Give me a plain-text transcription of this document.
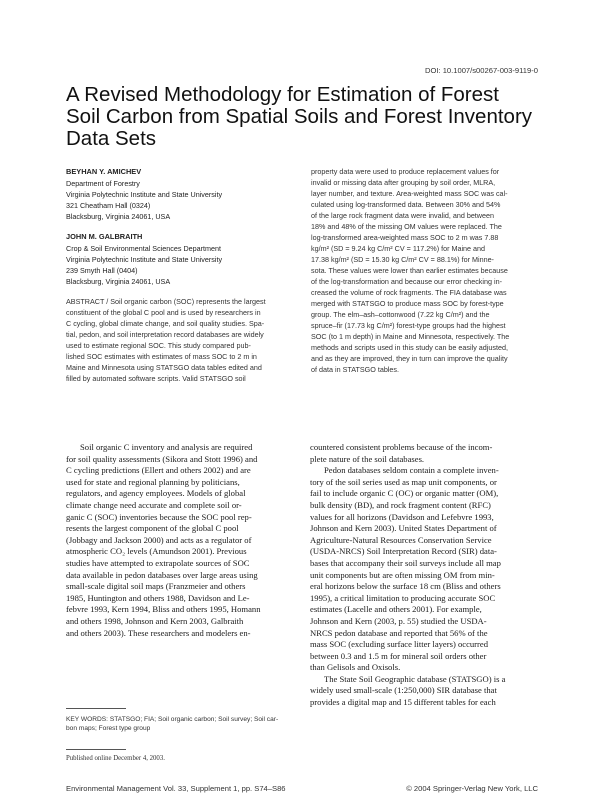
DOI: 10.1007/s00267-003-9119-0
A Revised Methodology for Estimation of Forest
Soil Carbon from Spatial Soils and Forest Inventory
Data Sets
BEYHAN Y. AMICHEV
Department of Forestry
Virginia Polytechnic Institute and State University
321 Cheatham Hall (0324)
Blacksburg, Virginia 24061, USA
JOHN M. GALBRAITH
Crop & Soil Environmental Sciences Department
Virginia Polytechnic Institute and State University
239 Smyth Hall (0404)
Blacksburg, Virginia 24061, USA
ABSTRACT / Soil organic carbon (SOC) represents the largest
constituent of the global C pool and is used by researchers in
C cycling, global climate change, and soil quality studies. Spa-
tial, pedon, and soil interpretation record databases are widely
used to estimate regional SOC. This study compared pub-
lished SOC estimates with estimates of mass SOC to 2 m in
Maine and Minnesota using STATSGO data tables edited and
filled by automated software scripts. Valid STATSGO soil
property data were used to produce replacement values for
invalid or missing data after grouping by soil order, MLRA,
layer number, and texture. Area-weighted mass SOC was cal-
culated using log-transformed data. Between 30% and 54%
of the large rock fragment data were invalid, and between
18% and 48% of the missing OM values were replaced. The
log-transformed area-weighted mass SOC to 2 m was 7.88
kg/m² (SD = 9.24 kg C/m² CV = 117.2%) for Maine and
17.38 kg/m² (SD = 15.30 kg C/m² CV = 88.1%) for Minne-
sota. These values were lower than earlier estimates because
of the log-transformation and because our error checking in-
creased the volume of rock fragments. The FIA database was
merged with STATSGO to produce mass SOC by forest-type
group. The elm–ash–cottonwood (7.22 kg C/m²) and the
spruce–fir (17.73 kg C/m²) forest-type groups had the highest
SOC (to 1 m depth) in Maine and Minnesota, respectively. The
methods and scripts used in this study can be easily adjusted,
and as they are improved, they in turn can improve the quality
of data in STATSGO tables.
Soil organic C inventory and analysis are required
for soil quality assessments (Sikora and Stott 1996) and
C cycling predictions (Ellert and others 2002) and are
used for state and regional planning by politicians,
regulators, and agency employees. Models of global
climate change need accurate and complete soil or-
ganic C (SOC) inventories because the SOC pool rep-
resents the largest component of the global C pool
(Jobbagy and Jackson 2000) and acts as a regulator of
atmospheric CO₂ levels (Amundson 2001). Previous
studies have attempted to extrapolate sources of SOC
data available in pedon databases over large areas using
small-scale digital soil maps (Franzmeier and others
1985, Huntington and others 1988, Davidson and Le-
febvre 1993, Kern 1994, Bliss and others 1995, Homann
and others 1998, Johnson and Kern 2003, Galbraith
and others 2003). These researchers and modelers en-
countered consistent problems because of the incom-
plete nature of the soil databases.
Pedon databases seldom contain a complete inven-
tory of the soil series used as map unit components, or
fail to include organic C (OC) or organic matter (OM),
bulk density (BD), and rock fragment content (RFC)
values for all horizons (Davidson and Lefebvre 1993,
Johnson and Kern 2003). United States Department of
Agriculture-Natural Resources Conservation Service
(USDA-NRCS) Soil Interpretation Record (SIR) data-
bases that accompany their soil surveys include all map
unit components but are often missing OM from min-
eral horizons below the surface 18 cm (Bliss and others
1995), a critical limitation to producing accurate SOC
estimates (Lacelle and others 2001). For example,
Johnson and Kern (2003, p. 55) studied the USDA-
NRCS pedon database and reported that 56% of the
mass SOC (excluding surface litter layers) occurred
between 0.3 and 1.5 m for mineral soil orders other
than Gelisols and Oxisols.
The State Soil Geographic database (STATSGO) is a
widely used small-scale (1:250,000) SIR database that
provides a digital map and 15 different tables for each
KEY WORDS: STATSGO; FIA; Soil organic carbon; Soil survey; Soil car-
bon maps; Forest type group
Published online December 4, 2003.
Environmental Management Vol. 33, Supplement 1, pp. S74–S86	© 2004 Springer-Verlag New York, LLC
